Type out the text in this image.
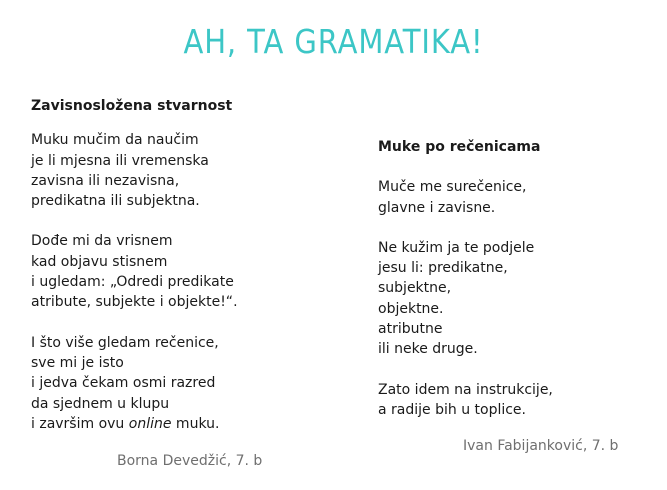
AH, TA GRAMATIKA!
Zavisnosložena stvarnost
Muku mučim da naučim
je li mjesna ili vremenska
zavisna ili nezavisna,
predikatna ili subjektna.
Dođe mi da vrisnem
kad objavu stisnem
i ugledam: „Odredi predikate
atribute, subjekte i objekte!“.
I što više gledam rečenice,
sve mi je isto
i jedva čekam osmi razred
da sjednem u klupu
i završim ovu online muku.
Borna Devedžić, 7. b
Muke po rečenicama
Muče me surečenice,
glavne i zavisne.
Ne kužim ja te podjele
jesu li: predikatne,
subjektne,
objektne.
atributne
ili neke druge.
Zato idem na instrukcije,
a radije bih u toplice.
Ivan Fabijanković, 7. b
